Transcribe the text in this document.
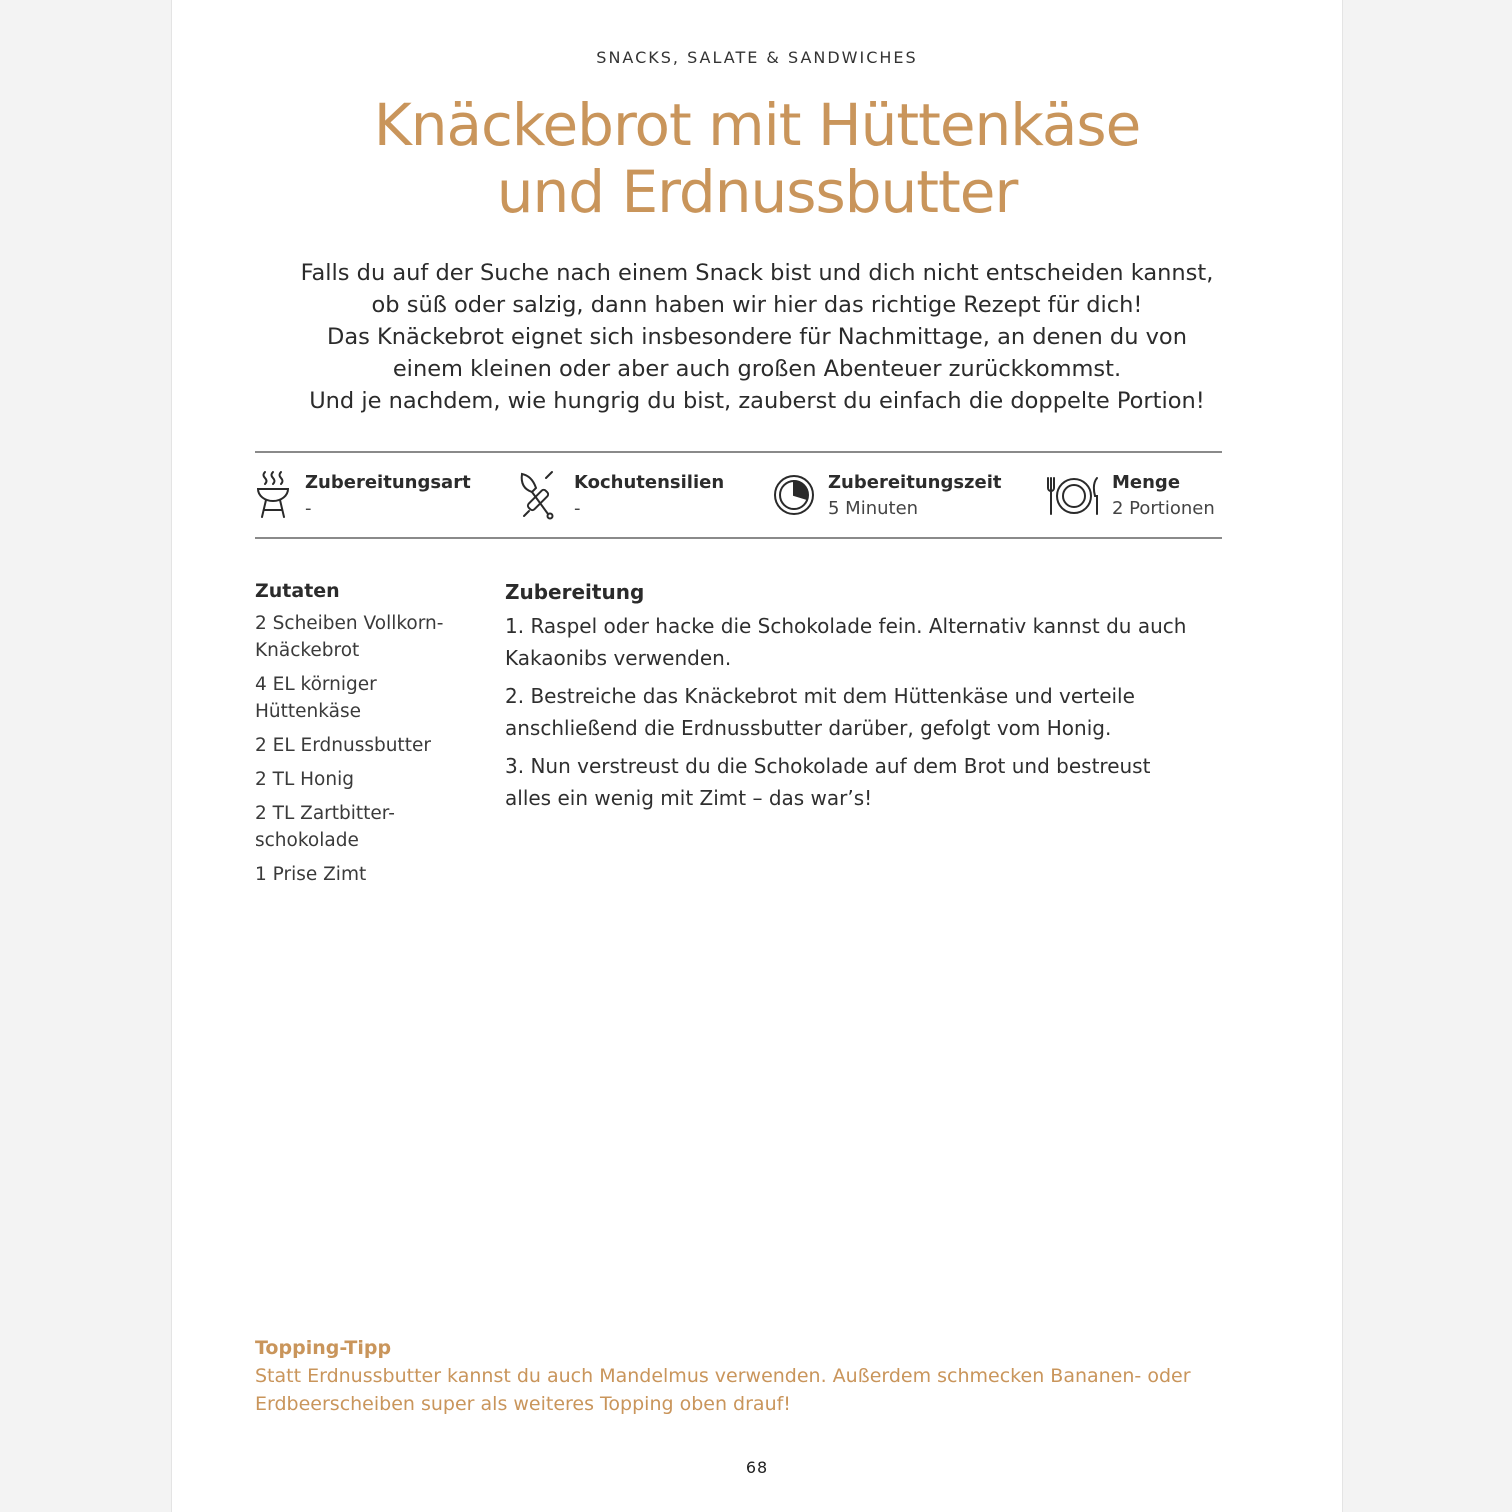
SNACKS, SALATE & SANDWICHES
Knäckebrot mit Hüttenkäse
und Erdnussbutter
Falls du auf der Suche nach einem Snack bist und dich nicht entscheiden kannst,
ob süß oder salzig, dann haben wir hier das richtige Rezept für dich!
Das Knäckebrot eignet sich insbesondere für Nachmittage, an denen du von
einem kleinen oder aber auch großen Abenteuer zurückkommst.
Und je nachdem, wie hungrig du bist, zauberst du einfach die doppelte Portion!
Zubereitungsart
-
Kochutensilien
-
Zubereitungszeit
5 Minuten
Menge
2 Portionen
Zutaten
2 Scheiben Vollkorn-
Knäckebrot
4 EL körniger
Hüttenkäse
2 EL Erdnussbutter
2 TL Honig
2 TL Zartbitter-
schokolade
1 Prise Zimt
Zubereitung
1. Raspel oder hacke die Schokolade fein. Alternativ kannst du auch
Kakaonibs verwenden.
2. Bestreiche das Knäckebrot mit dem Hüttenkäse und verteile
anschließend die Erdnussbutter darüber, gefolgt vom Honig.
3. Nun verstreust du die Schokolade auf dem Brot und bestreust
alles ein wenig mit Zimt – das war’s!
Topping-Tipp
Statt Erdnussbutter kannst du auch Mandelmus verwenden. Außerdem schmecken Bananen- oder
Erdbeerscheiben super als weiteres Topping oben drauf!
68
